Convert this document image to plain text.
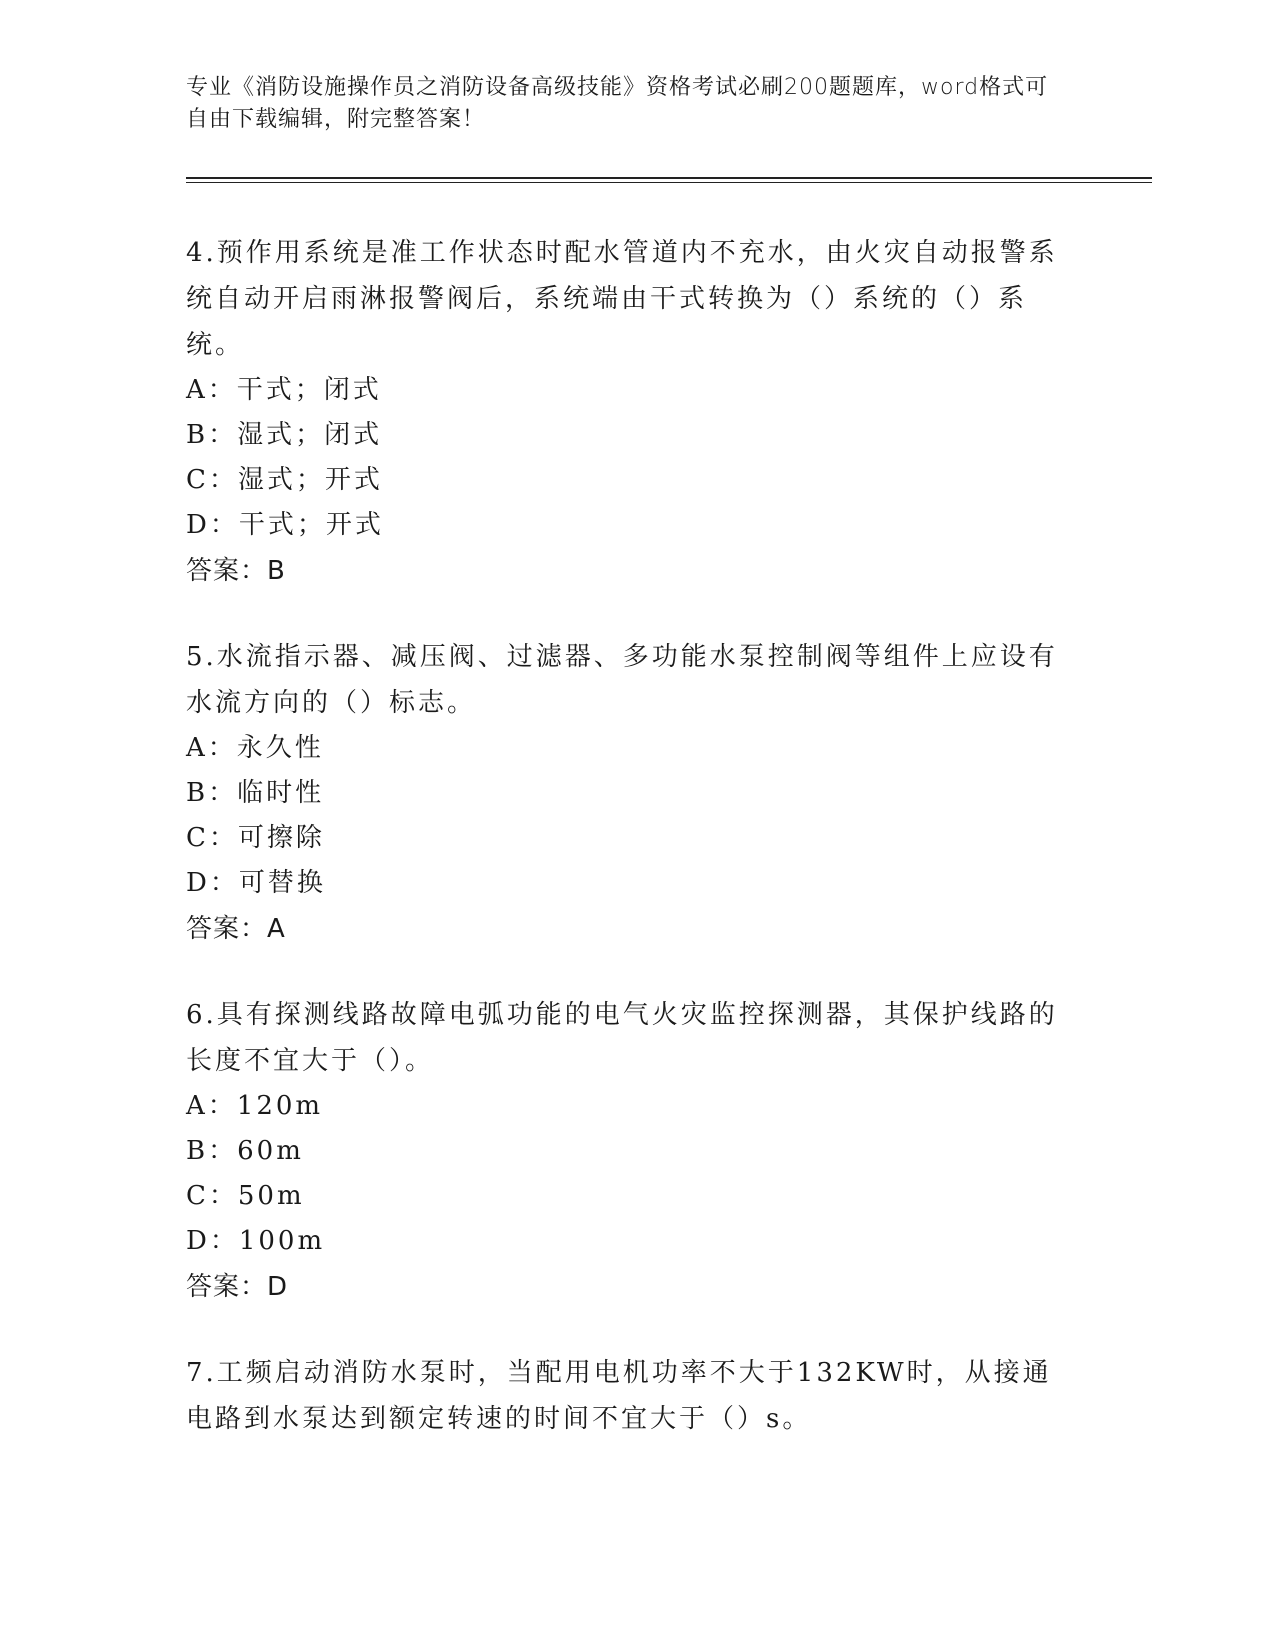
专业《消防设施操作员之消防设备高级技能》资格考试必刷200题题库，word格式可自由下载编辑，附完整答案！

4.预作用系统是准工作状态时配水管道内不充水，由火灾自动报警系统自动开启雨淋报警阀后，系统端由干式转换为（）系统的（）系统。

A：干式；闭式

B：湿式；闭式

C：湿式；开式

D：干式；开式

答案：B

5.水流指示器、减压阀、过滤器、多功能水泵控制阀等组件上应设有水流方向的（）标志。

A：永久性

B：临时性

C：可擦除

D：可替换

答案：A

6.具有探测线路故障电弧功能的电气火灾监控探测器，其保护线路的长度不宜大于（）。

A：120m

B：60m

C：50m

D：100m

答案：D

7.工频启动消防水泵时，当配用电机功率不大于132KW时，从接通电路到水泵达到额定转速的时间不宜大于（）s。
